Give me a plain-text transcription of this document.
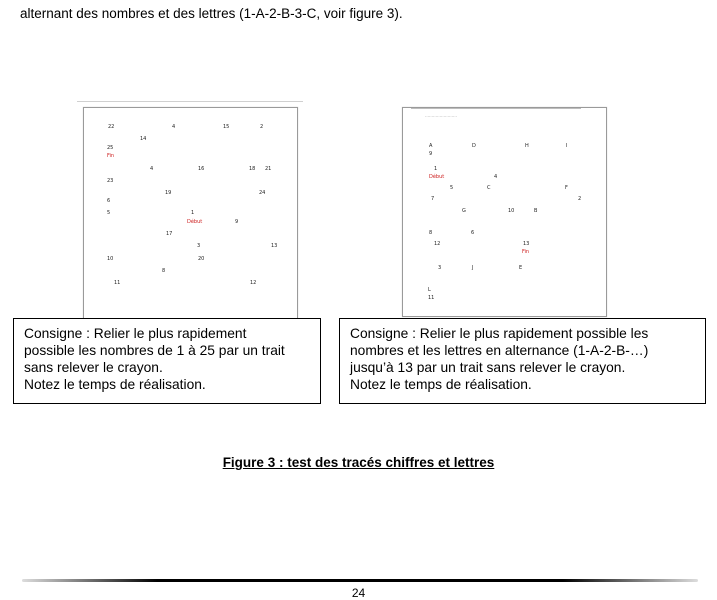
alternant des nombres et des lettres (1-A-2-B-3-C, voir figure 3).
22	4	15	2
14
25
Fin
4	16	18 21
23
19	24
6
5	1
Début	9
17
3	13
10	20
8
11	12
……………………
A	D	H	I
9
1
Début	4
5	C	F
2
7
B
10
G
8	6
12	13
Fin
E
J
3
L
11
Consigne : Relier le plus rapidement
possible les nombres de 1 à 25 par un trait
sans relever le crayon.
Notez le temps de réalisation.
Consigne : Relier le plus rapidement possible les
nombres et les lettres en alternance (1-A-2-B-…)
jusqu’à 13 par un trait sans relever le crayon.
Notez le temps de réalisation.
Figure 3 : test des tracés chiffres et lettres
24
